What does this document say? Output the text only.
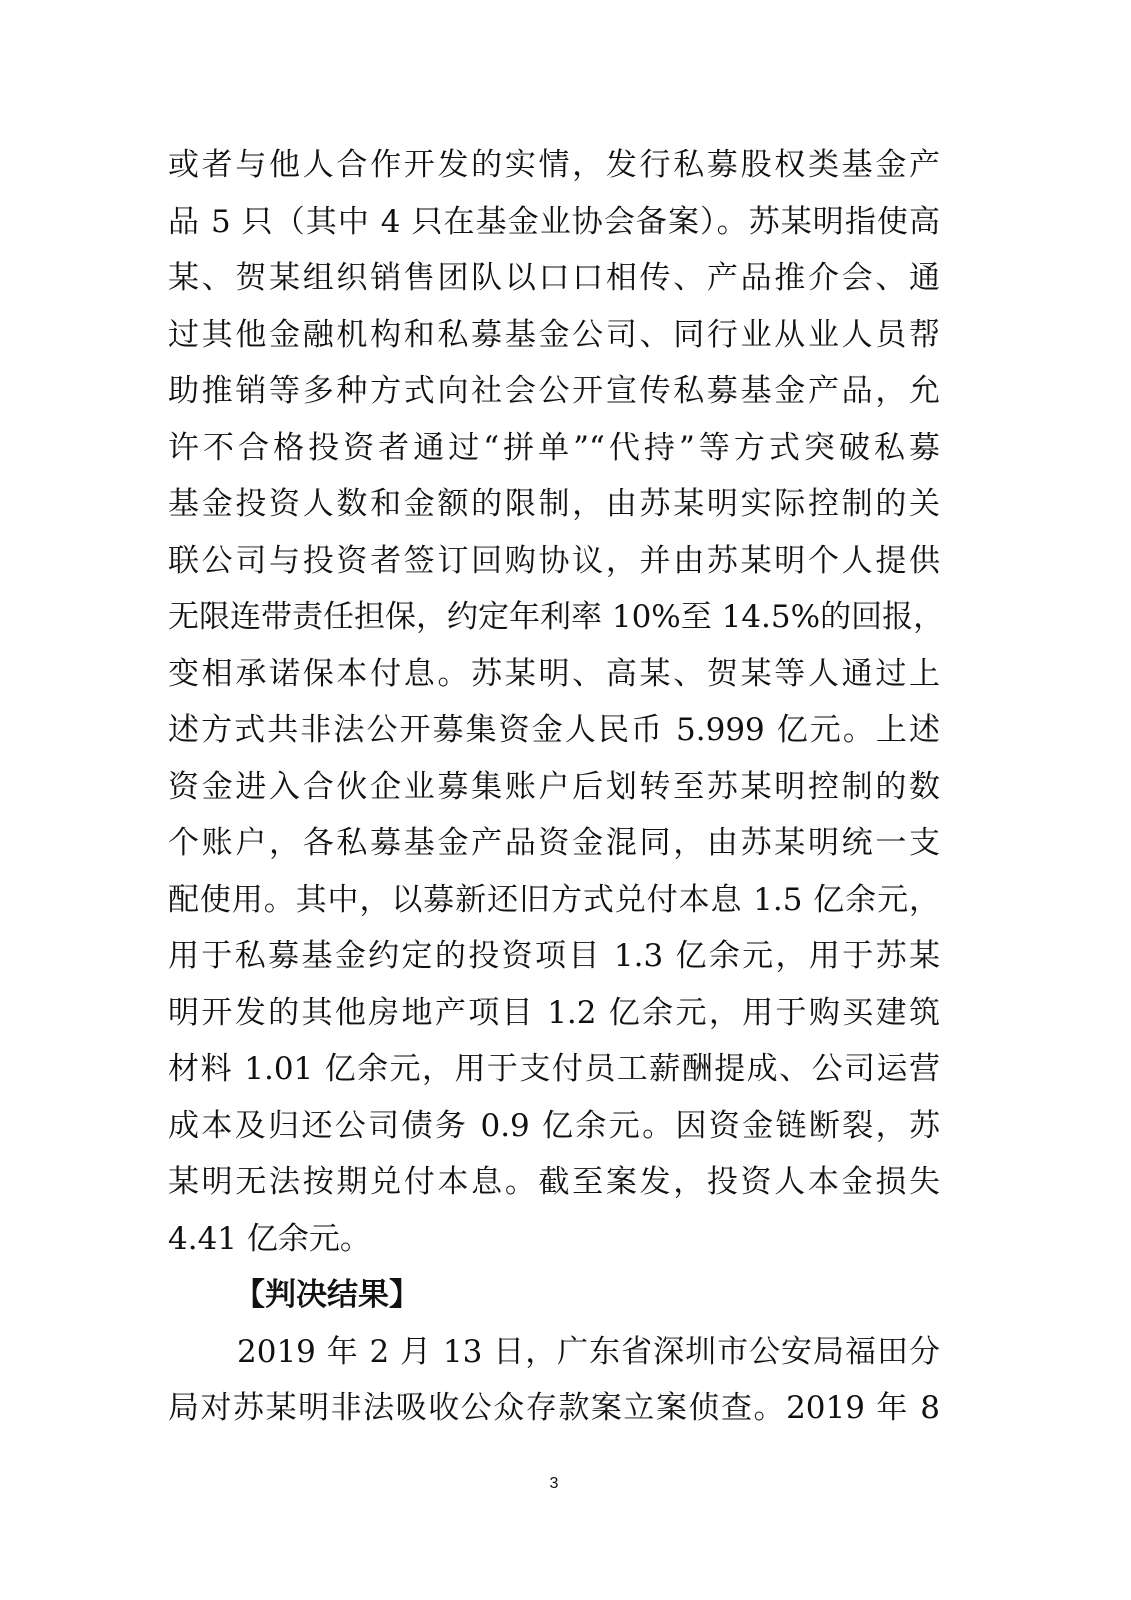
或者与他人合作开发的实情，发行私募股权类基金产
品 5 只（其中 4 只在基金业协会备案）。苏某明指使高
某、贺某组织销售团队以口口相传、产品推介会、通
过其他金融机构和私募基金公司、同行业从业人员帮
助推销等多种方式向社会公开宣传私募基金产品，允
许不合格投资者通过“拼单”“代持”等方式突破私募
基金投资人数和金额的限制，由苏某明实际控制的关
联公司与投资者签订回购协议，并由苏某明个人提供
无限连带责任担保，约定年利率 10%至 14.5%的回报，
变相承诺保本付息。苏某明、高某、贺某等人通过上
述方式共非法公开募集资金人民币 5.999 亿元。上述
资金进入合伙企业募集账户后划转至苏某明控制的数
个账户，各私募基金产品资金混同，由苏某明统一支
配使用。其中，以募新还旧方式兑付本息 1.5 亿余元，
用于私募基金约定的投资项目 1.3 亿余元，用于苏某
明开发的其他房地产项目 1.2 亿余元，用于购买建筑
材料 1.01 亿余元，用于支付员工薪酬提成、公司运营
成本及归还公司债务 0.9 亿余元。因资金链断裂，苏
某明无法按期兑付本息。截至案发，投资人本金损失
4.41 亿余元。
【判决结果】
2019 年 2 月 13 日，广东省深圳市公安局福田分
局对苏某明非法吸收公众存款案立案侦查。2019 年 8
3
